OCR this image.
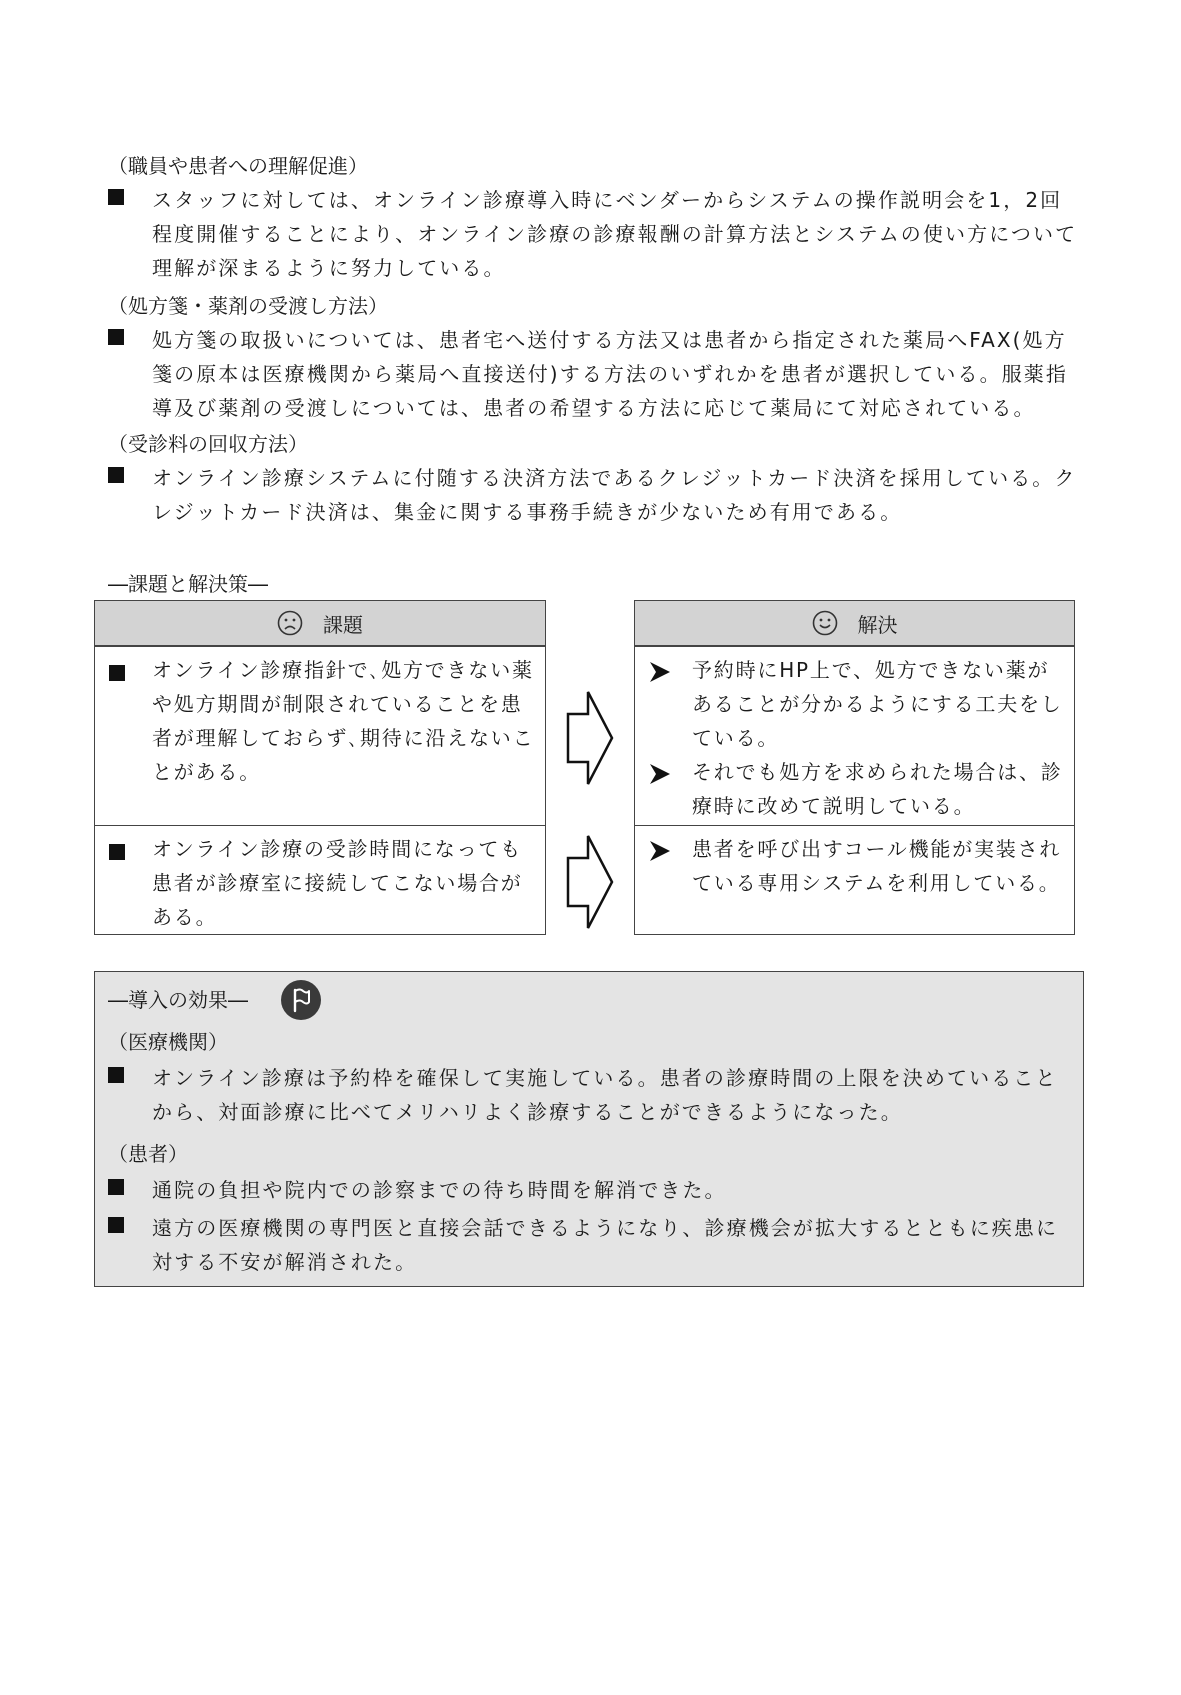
（職員や患者への理解促進）
スタッフに対しては、オンライン診療導入時にベンダーからシステムの操作説明会を1，2回程度開催することにより、オンライン診療の診療報酬の計算方法とシステムの使い方について理解が深まるように努力している。
（処方箋・薬剤の受渡し方法）
処方箋の取扱いについては、患者宅へ送付する方法又は患者から指定された薬局へFAX(処方箋の原本は医療機関から薬局へ直接送付)する方法のいずれかを患者が選択している。服薬指導及び薬剤の受渡しについては、患者の希望する方法に応じて薬局にて対応されている。
（受診料の回収方法）
オンライン診療システムに付随する決済方法であるクレジットカード決済を採用している。クレジットカード決済は、集金に関する事務手続きが少ないため有用である。
―課題と解決策―
課題	解決
オンライン診療指針で､処方できない薬や処方期間が制限されていることを患者が理解しておらず､期待に沿えないことがある。
予約時にHP上で、処方できない薬があることが分かるようにする工夫をしている。
それでも処方を求められた場合は、診療時に改めて説明している。
オンライン診療の受診時間になっても患者が診療室に接続してこない場合がある。
患者を呼び出すコール機能が実装されている専用システムを利用している。
―導入の効果―
（医療機関）
オンライン診療は予約枠を確保して実施している。患者の診療時間の上限を決めていることから、対面診療に比べてメリハリよく診療することができるようになった。
（患者）
通院の負担や院内での診察までの待ち時間を解消できた。
遠方の医療機関の専門医と直接会話できるようになり、診療機会が拡大するとともに疾患に対する不安が解消された。
